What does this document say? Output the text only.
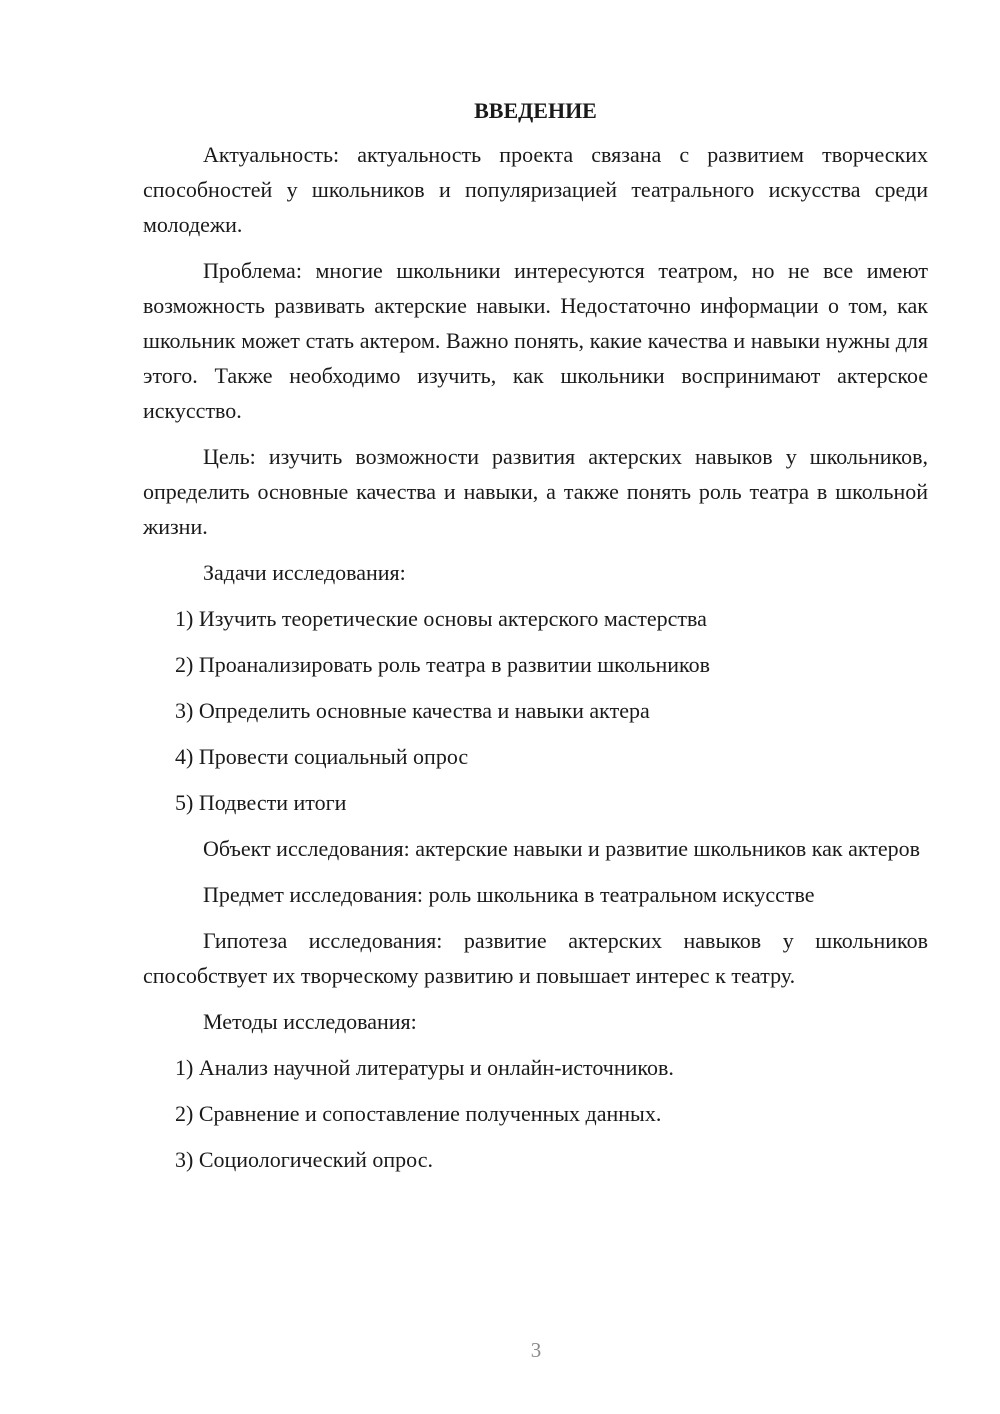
ВВЕДЕНИЕ

Актуальность: актуальность проекта связана с развитием творческих способностей у школьников и популяризацией театрального искусства среди молодежи.

Проблема: многие школьники интересуются театром, но не все имеют возможность развивать актерские навыки. Недостаточно информации о том, как школьник может стать актером. Важно понять, какие качества и навыки нужны для этого. Также необходимо изучить, как школьники воспринимают актерское искусство.

Цель: изучить возможности развития актерских навыков у школьников, определить основные качества и навыки, а также понять роль театра в школьной жизни.

Задачи исследования:

1) Изучить теоретические основы актерского мастерства
2) Проанализировать роль театра в развитии школьников
3) Определить основные качества и навыки актера
4) Провести социальный опрос
5) Подвести итоги

Объект исследования: актерские навыки и развитие школьников как актеров

Предмет исследования: роль школьника в театральном искусстве

Гипотеза исследования: развитие актерских навыков у школьников способствует их творческому развитию и повышает интерес к театру.

Методы исследования:

1) Анализ научной литературы и онлайн-источников.
2) Сравнение и сопоставление полученных данных.
3) Социологический опрос.
3
